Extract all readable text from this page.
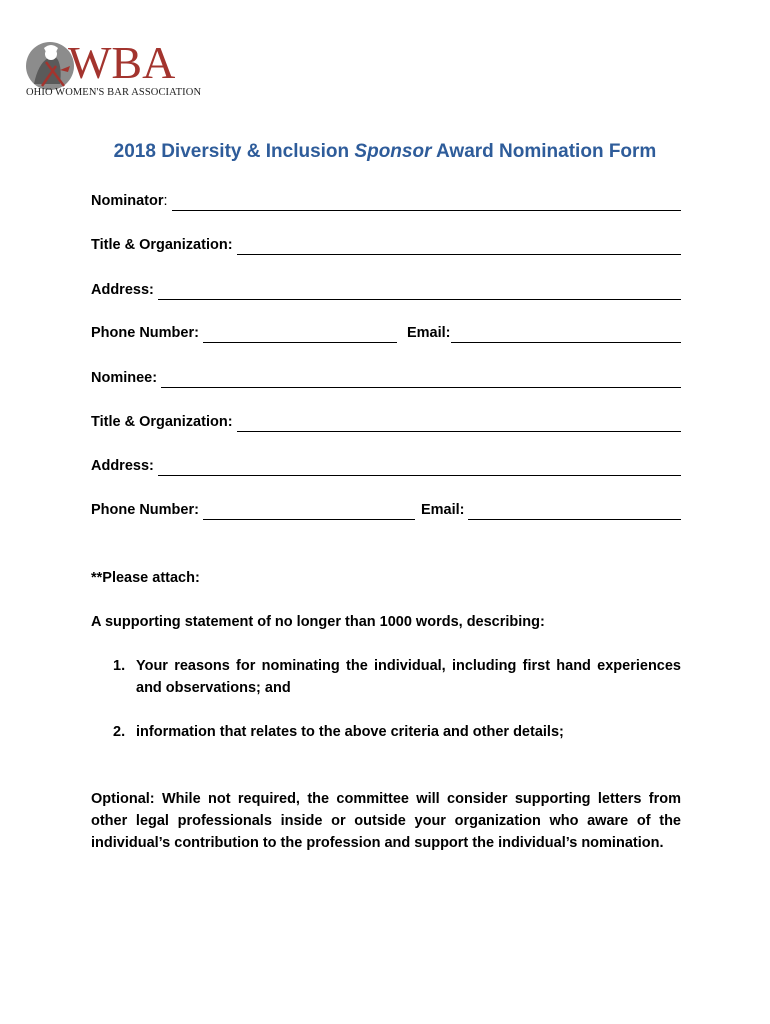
WBA
OHIO WOMEN'S BAR ASSOCIATION
2018 Diversity & Inclusion Sponsor Award Nomination Form
Nominator:
Title & Organization:
Address:
Phone Number:	Email:
Nominee:
Title & Organization:
Address:
Phone Number:	Email:
**Please attach:
A supporting statement of no longer than 1000 words, describing:
1. Your reasons for nominating the individual, including first hand experiences and observations; and
2. information that relates to the above criteria and other details;
Optional: While not required, the committee will consider supporting letters from other legal professionals inside or outside your organization who aware of the individual’s contribution to the profession and support the individual’s nomination.
